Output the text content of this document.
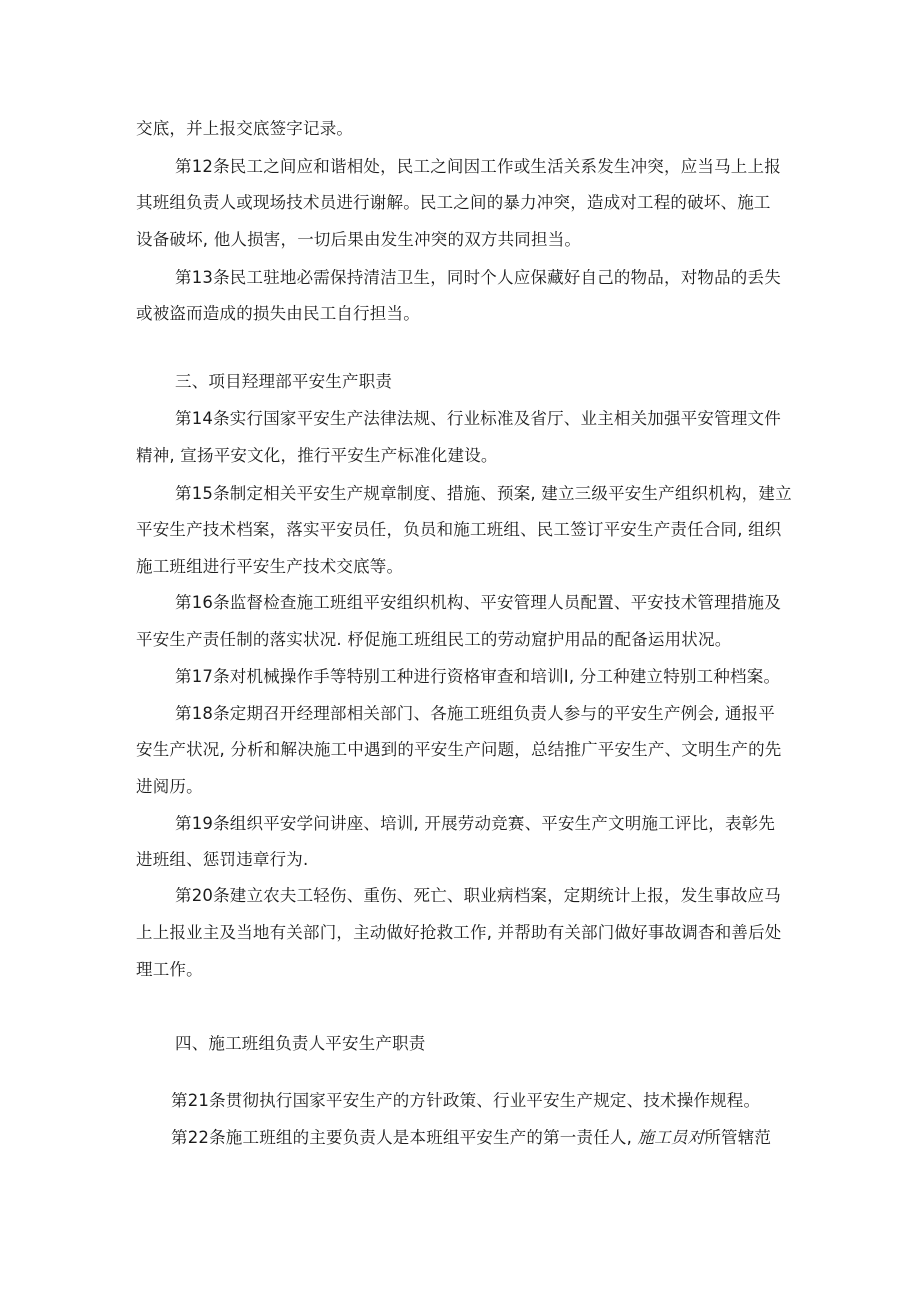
交底，并上报交底签字记录。
第12条民工之间应和谐相处，民工之间因工作或生活关系发生冲突，应当马上上报
其班组负责人或现场技术员进行谢解。民工之间的暴力冲突，造成对工程的破坏、施工
设备破坏, 他人损害，一切后果由发生冲突的双方共同担当。
第13条民工驻地必需保持清洁卫生，同时个人应保藏好自己的物品，对物品的丢失
或被盗而造成的损失由民工自行担当。
三、项目羟理部平安生产职责
第14条实行国家平安生产法律法规、行业标准及省厅、业主相关加强平安管理文件
精神, 宣扬平安文化，推行平安生产标准化建设。
第15条制定相关平安生产规章制度、措施、预案, 建立三级平安生产组织机构，建立
平安生产技术档案，落实平安员任，负员和施工班组、民工签订平安生产责任合同, 组织
施工班组进行平安生产技术交底等。
第16条监督检查施工班组平安组织机构、平安管理人员配置、平安技术管理措施及
平安生产责任制的落实状况. 杼促施工班组民工的劳动窟护用品的配备运用状况。
第17条对机械操作手等特别工种进行资格审查和培训I, 分工种建立特别工种档案。
第18条定期召开经理部相关部门、各施工班组负责人参与的平安生产例会, 通报平
安生产状况, 分析和解决施工中遇到的平安生产问题，总结推广平安生产、文明生产的先
进阅历。
第19条组织平安学问讲座、培训, 开展劳动竞赛、平安生产文明施工评比，表彰先
进班组、惩罚违章行为.
第20条建立农夫工轻伤、重伤、死亡、职业病档案，定期统计上报，发生事故应马
上上报业主及当地有关部门，主动做好抢救工作, 并帮助有关部门做好事故调杳和善后处
理工作。
四、施工班组负责人平安生产职责
第21条贯彻执行国家平安生产的方针政策、行业平安生产规定、技术操作规程。
第22条施工班组的主要负责人是本班组平安生产的第一责任人, 施工员对所管辖范
